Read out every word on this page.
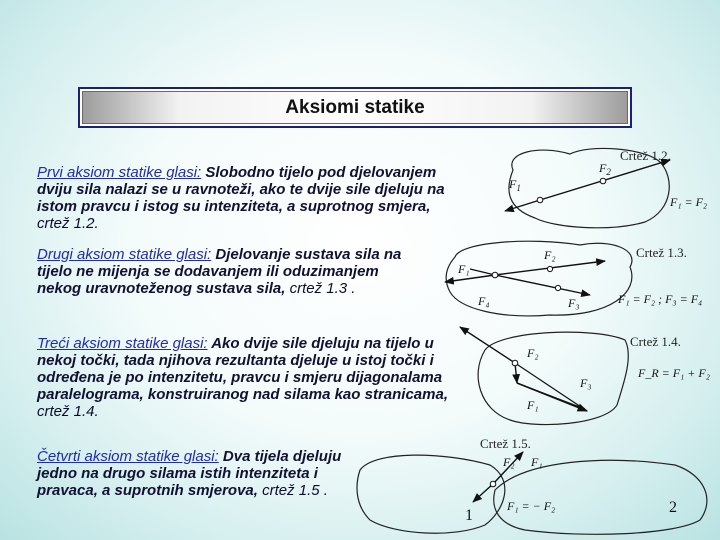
Aksiomi statike
Prvi aksiom statike glasi: Slobodno tijelo pod djelovanjem dviju sila nalazi se u ravnoteži, ako te dvije sile djeluju na istom pravcu i istog su intenziteta, a suprotnog smjera, crtež 1.2.
Drugi aksiom statike glasi: Djelovanje sustava sila na tijelo ne mijenja se dodavanjem ili oduzimanjem nekog uravnoteženog sustava sila, crtež 1.3 .
Treći aksiom statike glasi: Ako dvije sile djeluju na tijelo u nekoj točki, tada njihova rezultanta djeluje u istoj točki i određena je po intenzitetu, pravcu i smjeru dijagonalama paralelograma, konstruiranog nad silama kao stranicama, crtež 1.4.
Četvrti aksiom statike glasi: Dva tijela djeluju jedno na drugo silama istih intenziteta i pravaca, a suprotnih smjerova, crtež 1.5 .
Crtež 1.2.
$F_1$
$F_2$
F₁ = F₂
Crtež 1.3.
F₁
F₂
F₃
F₄	F₁ = F₂ ; F₃ = F₄
Crtež 1.4.
F₂
F₁
F₃
F_R = F₁ + F₂
Crtež 1.5.
F₂ F₁
F₁ = − F₂
1	2
